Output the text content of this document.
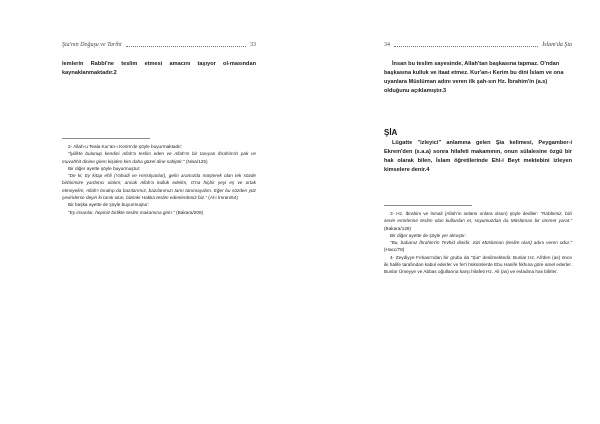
Şia'nın Doğuşu ve Tarihi	33
lemlerin Rabbi'ne teslim etmesi amacını taşıyor ol-masından kaynaklanmaktadır.2

2- Allah-u Teala Kur'an-ı Kerim'de şöyle buyurmaktadır:

"İyilikte bulunup kendini Allah'a teslim eden ve Allah'ın bir tanıyan İbrahim'in pak ve muvahhit dinine giren kişiden kim daha güzel dine sahiptir." (Nisa/125)

Bir diğer ayette şöyle buyurmuştur:

"De ki; Ey kitap ehli (Yahudi ve Hıristiyanlar), gelin aramızda müşterek olan tek sözde birbirimize yardımcı olalım; ancak Allah'a kulluk edelim, O'na hiçbir şeyi eş ve ortak etmeyelim, Allah'ı bırakıp da bazılarımız, bazılarımızı tanrı tanımayalım. Eğer bu sözden yüz çevirirlerse deyin ki tanık olun, bizimki Hakka teslim edenlerdeniz biz." (Al-i İmran/64)

Bir başka ayette de şöyle buyurmuştur:

"Ey insanlar, hepiniz birlikte teslim makamına girin." (Bakara/208)

34	İslam'da Şia

İnsan bu teslim sayesinde, Allah'tan başkasına tapmaz. O'ndan başkasına kulluk ve itaat etmez. Kur'an-ı Kerim bu dini İslam ve ona uyanlara Müslüman adını veren ilk şah-sın Hz. İbrahim'in (a.s) olduğunu açıklamıştır.3

ŞİA
Lügatte "izleyici" anlamına gelen Şia kelimesi, Peygamber-i Ekrem'den (s.a.a) sonra hilafeti makamının, onun sülalesine özgü bir hak olarak bilen, İslam öğretilerinde Ehl-i Beyt mektebini izleyen kimselere denir.4

3- Hz. İbrahim ve İsmail (Allah'ın selamı onlara olsun) şöyle dediler: "Rabbimiz, bizi senin emirlerine teslim olan kullardan et, soyumuzdan da Müslüman bir ümmet yarat." (Bakara/128)

Bir diğer ayette de şöyle yer almıştır:

"Bu, babanız İbrahim'in Tevhid dinidir. Sizi Müslüman (teslim olan) adını veren odur." (Hacc/78)

4- Zeydiyye Fırkası'ndan bir grubu da "Şia" denilmektedir. Bunlar Hz. Ali'den (as) önce iki halife tarafından kabul ederler ve fer'i hükümlerde Ebu Hanife fıkhına göre amel ederler. Bunlar Ümeyye ve Abbas oğullarına karşı hilafeti Hz. Ali (as) ve evladına has bilirler.
